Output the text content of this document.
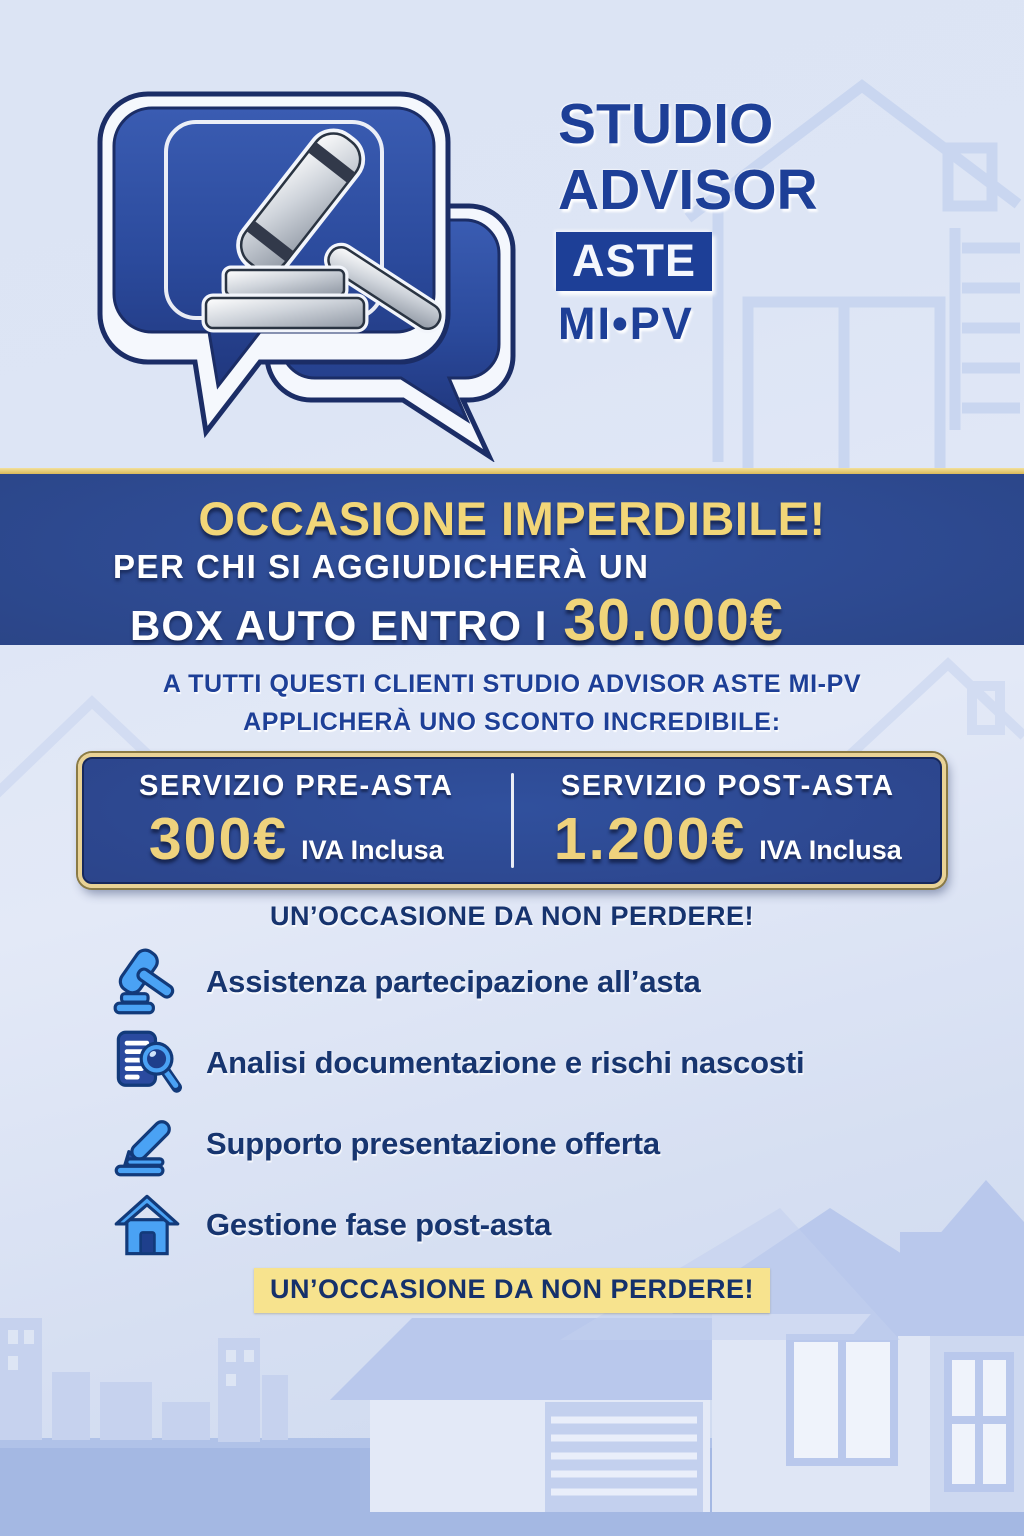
STUDIO
ADVISOR
ASTE
MI•PV
OCCASIONE IMPERDIBILE!
PER CHI SI AGGIUDICHERÀ UN
BOX AUTO ENTRO I 30.000€
A TUTTI QUESTI CLIENTI STUDIO ADVISOR ASTE MI-PV
APPLICHERÀ UNO SCONTO INCREDIBILE:
SERVIZIO PRE-ASTA
300€ IVA Inclusa
SERVIZIO POST-ASTA
1.200€ IVA Inclusa
UN’OCCASIONE DA NON PERDERE!
Assistenza partecipazione all’asta
Analisi documentazione e rischi nascosti
Supporto presentazione offerta
Gestione fase post-asta
UN’OCCASIONE DA NON PERDERE!
